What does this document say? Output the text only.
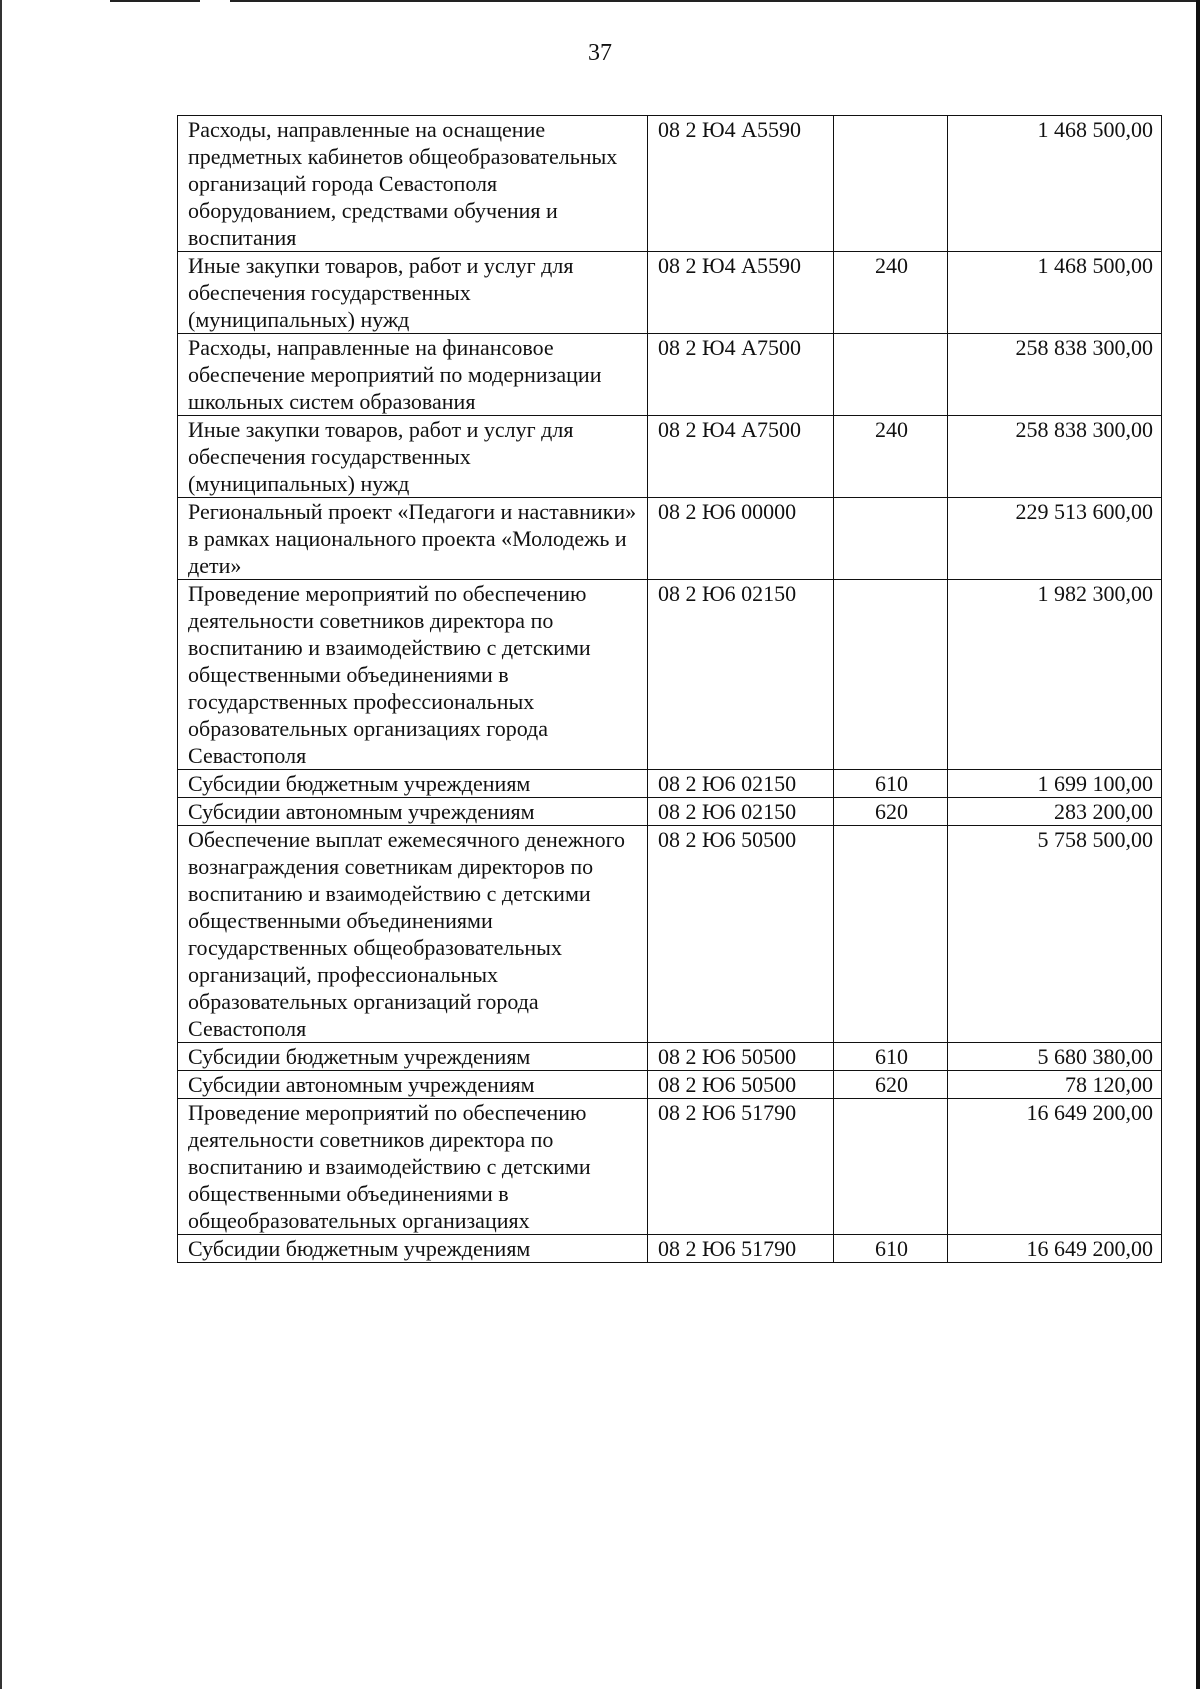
37
Расходы, направленные на оснащение предметных кабинетов общеобразовательных организаций города Севастополя оборудованием, средствами обучения и воспитания	08 2 Ю4 А5590		1 468 500,00
Иные закупки товаров, работ и услуг для обеспечения государственных (муниципальных) нужд	08 2 Ю4 А5590	240	1 468 500,00
Расходы, направленные на финансовое обеспечение мероприятий по модернизации школьных систем образования	08 2 Ю4 А7500		258 838 300,00
Иные закупки товаров, работ и услуг для обеспечения государственных (муниципальных) нужд	08 2 Ю4 А7500	240	258 838 300,00
Региональный проект «Педагоги и наставники» в рамках национального проекта «Молодежь и дети»	08 2 Ю6 00000		229 513 600,00
Проведение мероприятий по обеспечению деятельности советников директора по воспитанию и взаимодействию с детскими общественными объединениями в государственных профессиональных образовательных организациях города Севастополя	08 2 Ю6 02150		1 982 300,00
Субсидии бюджетным учреждениям	08 2 Ю6 02150	610	1 699 100,00
Субсидии автономным учреждениям	08 2 Ю6 02150	620	283 200,00
Обеспечение выплат ежемесячного денежного вознаграждения советникам директоров по воспитанию и взаимодействию с детскими общественными объединениями государственных общеобразовательных организаций, профессиональных образовательных организаций города Севастополя	08 2 Ю6 50500		5 758 500,00
Субсидии бюджетным учреждениям	08 2 Ю6 50500	610	5 680 380,00
Субсидии автономным учреждениям	08 2 Ю6 50500	620	78 120,00
Проведение мероприятий по обеспечению деятельности советников директора по воспитанию и взаимодействию с детскими общественными объединениями в общеобразовательных организациях	08 2 Ю6 51790		16 649 200,00
Субсидии бюджетным учреждениям	08 2 Ю6 51790	610	16 649 200,00
